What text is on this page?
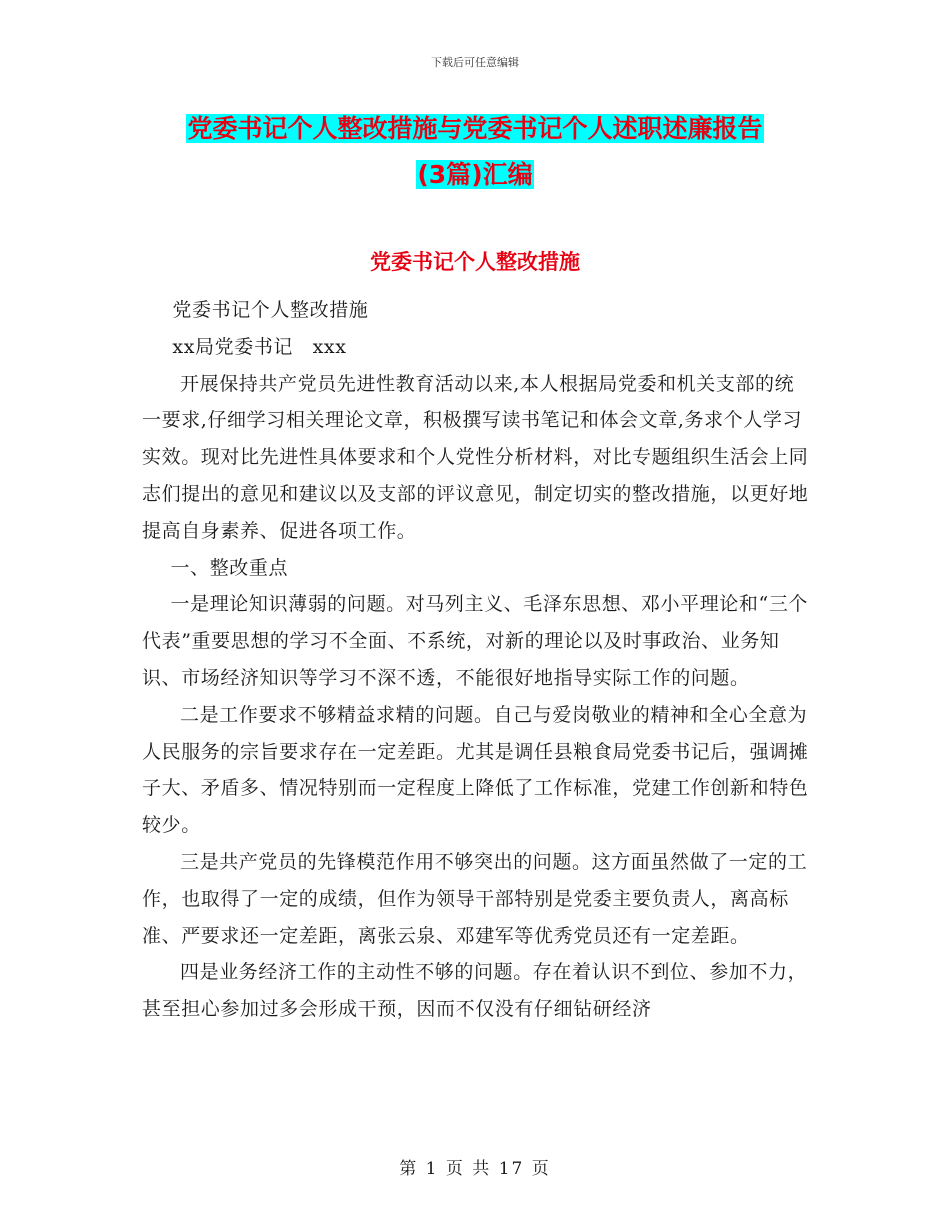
下载后可任意编辑
党委书记个人整改措施与党委书记个人述职述廉报告
(3篇)汇编
党委书记个人整改措施

党委书记个人整改措施

xx局党委书记　xxx

开展保持共产党员先进性教育活动以来,本人根据局党委和机关支部的统一要求,仔细学习相关理论文章，积极撰写读书笔记和体会文章,务求个人学习实效。现对比先进性具体要求和个人党性分析材料，对比专题组织生活会上同志们提出的意见和建议以及支部的评议意见，制定切实的整改措施，以更好地提高自身素养、促进各项工作。

一、整改重点

一是理论知识薄弱的问题。对马列主义、毛泽东思想、邓小平理论和“三个代表”重要思想的学习不全面、不系统，对新的理论以及时事政治、业务知识、市场经济知识等学习不深不透，不能很好地指导实际工作的问题。

二是工作要求不够精益求精的问题。自己与爱岗敬业的精神和全心全意为人民服务的宗旨要求存在一定差距。尤其是调任县粮食局党委书记后，强调摊子大、矛盾多、情况特别而一定程度上降低了工作标准，党建工作创新和特色较少。

三是共产党员的先锋模范作用不够突出的问题。这方面虽然做了一定的工作，也取得了一定的成绩，但作为领导干部特别是党委主要负责人，离高标准、严要求还一定差距，离张云泉、邓建军等优秀党员还有一定差距。

四是业务经济工作的主动性不够的问题。存在着认识不到位、参加不力，甚至担心参加过多会形成干预，因而不仅没有仔细钻研经济

第 1 页 共 17 页
